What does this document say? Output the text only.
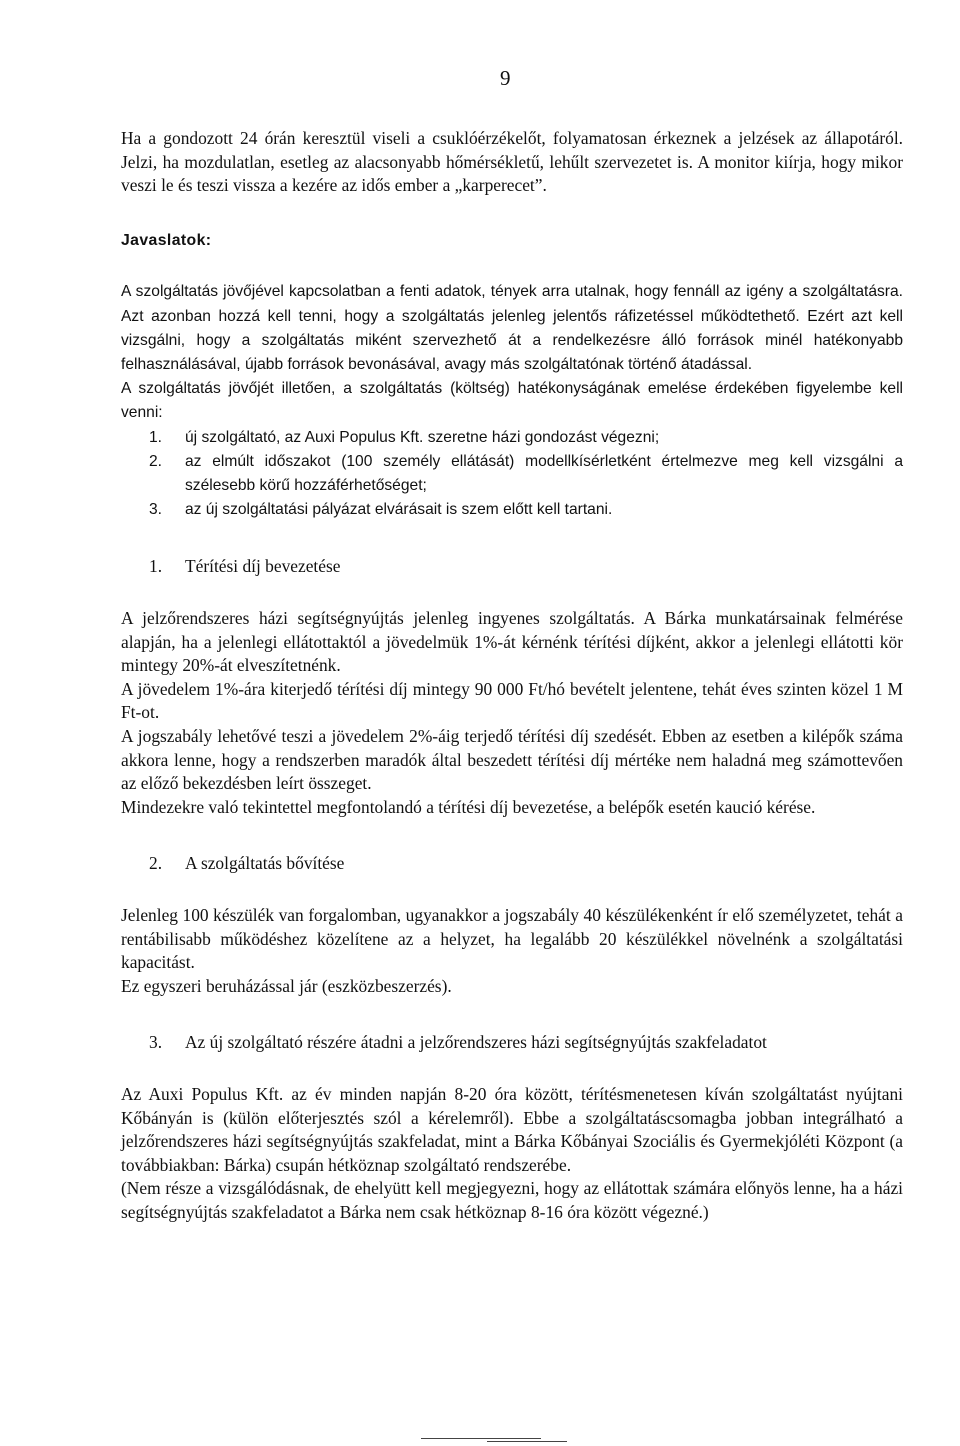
9

Ha a gondozott 24 órán keresztül viseli a csuklóérzékelőt, folyamatosan érkeznek a jelzések az állapotáról. Jelzi, ha mozdulatlan, esetleg az alacsonyabb hőmérsékletű, lehűlt szervezetet is. A monitor kiírja, hogy mikor veszi le és teszi vissza a kezére az idős ember a „karperecet”.

Javaslatok:

A szolgáltatás jövőjével kapcsolatban a fenti adatok, tények arra utalnak, hogy fennáll az igény a szolgáltatásra. Azt azonban hozzá kell tenni, hogy a szolgáltatás jelenleg jelentős ráfizetéssel működtethető. Ezért azt kell vizsgálni, hogy a szolgáltatás miként szervezhető át a rendelkezésre álló források minél hatékonyabb felhasználásával, újabb források bevonásával, avagy más szolgáltatónak történő átadással.

A szolgáltatás jövőjét illetően, a szolgáltatás (költség) hatékonyságának emelése érdekében figyelembe kell venni:

1. új szolgáltató, az Auxi Populus Kft. szeretne házi gondozást végezni;
2. az elmúlt időszakot (100 személy ellátását) modellkísérletként értelmezve meg kell vizsgálni a szélesebb körű hozzáférhetőséget;
3. az új szolgáltatási pályázat elvárásait is szem előtt kell tartani.

1. Térítési díj bevezetése

A jelzőrendszeres házi segítségnyújtás jelenleg ingyenes szolgáltatás. A Bárka munkatársainak felmérése alapján, ha a jelenlegi ellátottaktól a jövedelmük 1%-át kérnénk térítési díjként, akkor a jelenlegi ellátotti kör mintegy 20%-át elveszítetnénk.

A jövedelem 1%-ára kiterjedő térítési díj mintegy 90 000 Ft/hó bevételt jelentene, tehát éves szinten közel 1 M Ft-ot.

A jogszabály lehetővé teszi a jövedelem 2%-áig terjedő térítési díj szedését. Ebben az esetben a kilépők száma akkora lenne, hogy a rendszerben maradók által beszedett térítési díj mértéke nem haladná meg számottevően az előző bekezdésben leírt összeget.

Mindezekre való tekintettel megfontolandó a térítési díj bevezetése, a belépők esetén kaució kérése.

2. A szolgáltatás bővítése

Jelenleg 100 készülék van forgalomban, ugyanakkor a jogszabály 40 készülékenként ír elő személyzetet, tehát a rentábilisabb működéshez közelítene az a helyzet, ha legalább 20 készülékkel növelnénk a szolgáltatási kapacitást.

Ez egyszeri beruházással jár (eszközbeszerzés).

3. Az új szolgáltató részére átadni a jelzőrendszeres házi segítségnyújtás szakfeladatot

Az Auxi Populus Kft. az év minden napján 8-20 óra között, térítésmenetesen kíván szolgáltatást nyújtani Kőbányán is (külön előterjesztés szól a kérelemről). Ebbe a szolgáltatáscsomagba jobban integrálható a jelzőrendszeres házi segítségnyújtás szakfeladat, mint a Bárka Kőbányai Szociális és Gyermekjóléti Központ (a továbbiakban: Bárka) csupán hétköznap szolgáltató rendszerébe.

(Nem része a vizsgálódásnak, de ehelyütt kell megjegyezni, hogy az ellátottak számára előnyös lenne, ha a házi segítségnyújtás szakfeladatot a Bárka nem csak hétköznap 8-16 óra között végezné.)
